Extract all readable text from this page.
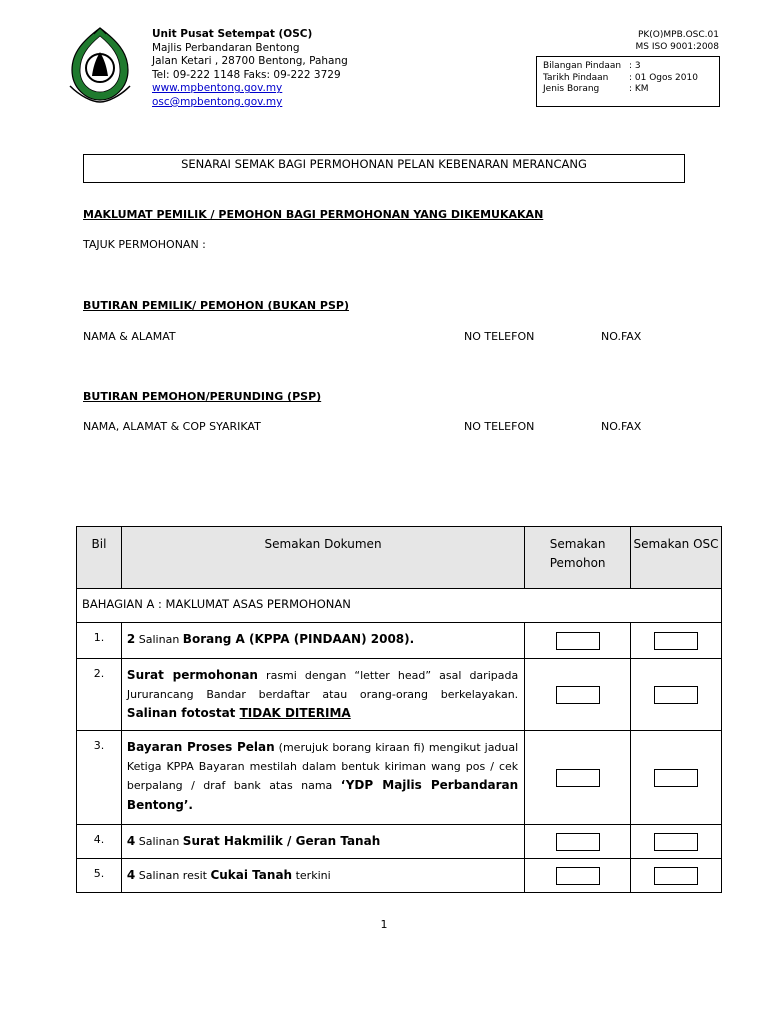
Unit Pusat Setempat (OSC)
Majlis Perbandaran Bentong
Jalan Ketari , 28700 Bentong, Pahang
Tel: 09-222 1148 Faks: 09-222 3729
www.mpbentong.gov.my
osc@mpbentong.gov.my
PK(O)MPB.OSC.01
MS ISO 9001:2008
Bilangan Pindaan : 3
Tarikh Pindaan	: 01 Ogos 2010
Jenis Borang	: KM
SENARAI SEMAK BAGI PERMOHONAN PELAN KEBENARAN MERANCANG
MAKLUMAT PEMILIK / PEMOHON BAGI PERMOHONAN YANG DIKEMUKAKAN
TAJUK PERMOHONAN :
BUTIRAN PEMILIK/ PEMOHON (BUKAN PSP)
NAMA & ALAMAT	NO TELEFON	NO.FAX
BUTIRAN PEMOHON/PERUNDING (PSP)
NAMA, ALAMAT & COP SYARIKAT	NO TELEFON	NO.FAX
Bil	Semakan Dokumen	Semakan Pemohon	Semakan OSC
BAHAGIAN A : MAKLUMAT ASAS PERMOHONAN			
1.	2 Salinan Borang A (KPPA (PINDAAN) 2008).	

2.	Surat permohonan rasmi dengan “letter head” asal daripada Jururancang Bandar berdaftar atau orang-orang berkelayakan. Salinan fotostat TIDAK DITERIMA	

3.	Bayaran Proses Pelan (merujuk borang kiraan fi) mengikut jadual Ketiga KPPA Bayaran mestilah dalam bentuk kiriman wang pos / cek berpalang / draf bank atas nama ‘YDP Majlis Perbandaran Bentong’.	

4.	4 Salinan Surat Hakmilik / Geran Tanah	

5.	4 Salinan resit Cukai Tanah terkini	

1
